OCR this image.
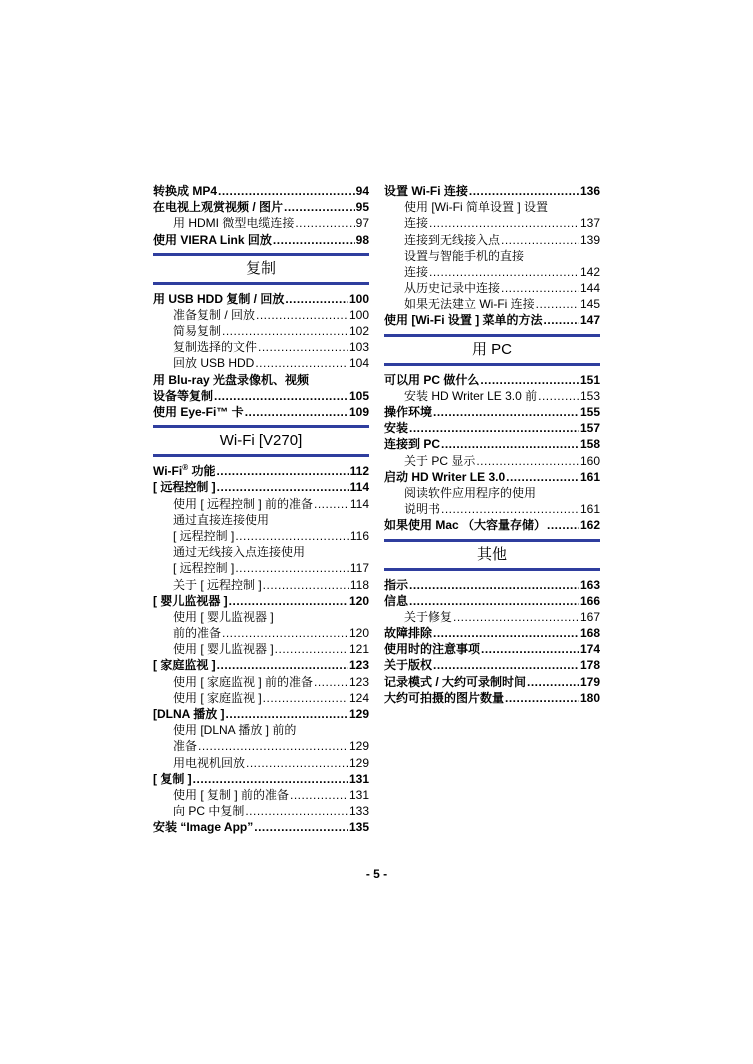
转换成 MP4 .....	94
在电视上观赏视频 / 图片 .....	95
用 HDMI 微型电缆连接 .....	97
使用 VIERA Link 回放 .....	98
复制
用 USB HDD 复制 / 回放 .....	100
准备复制 / 回放 .....	100
简易复制 .....	102
复制选择的文件 .....	103
回放 USB HDD .....	104
用 Blu-ray 光盘录像机、视频
设备等复制 .....	105
使用 Eye-Fi™ 卡 .....	109
Wi-Fi [V270]
Wi-Fi® 功能 .....	112
[ 远程控制 ] .....	114
使用 [ 远程控制 ] 前的准备 .....	114
通过直接连接使用
[ 远程控制 ] .....	116
通过无线接入点连接使用
[ 远程控制 ] .....	117
关于 [ 远程控制 ] .....	118
[ 婴儿监视器 ] .....	120
使用 [ 婴儿监视器 ]
前的准备 .....	120
使用 [ 婴儿监视器 ] .....	121
[ 家庭监视 ] .....	123
使用 [ 家庭监视 ] 前的准备 .....	123
使用 [ 家庭监视 ] .....	124
[DLNA 播放 ] .....	129
使用 [DLNA 播放 ] 前的
准备 .....	129
用电视机回放 .....	129
[ 复制 ] .....	131
使用 [ 复制 ] 前的准备 .....	131
向 PC 中复制 .....	133
安装 “Image App” .....	135
设置 Wi-Fi 连接 .....	136
使用 [Wi-Fi 简单设置 ] 设置
连接 .....	137
连接到无线接入点 .....	139
设置与智能手机的直接
连接 .....	142
从历史记录中连接 .....	144
如果无法建立 Wi-Fi 连接 .....	145
使用 [Wi-Fi 设置 ] 菜单的方法 .....	147
用 PC
可以用 PC 做什么 .....	151
安装 HD Writer LE 3.0 前 .....	153
操作环境 .....	155
安装 .....	157
连接到 PC .....	158
关于 PC 显示 .....	160
启动 HD Writer LE 3.0 .....	161
阅读软件应用程序的使用
说明书 .....	161
如果使用 Mac （大容量存储） .....	162
其他
指示 .....	163
信息 .....	166
关于修复 .....	167
故障排除 .....	168
使用时的注意事项 .....	174
关于版权 .....	178
记录模式 / 大约可录制时间 .....	179
大约可拍摄的图片数量 .....	180
- 5 -
